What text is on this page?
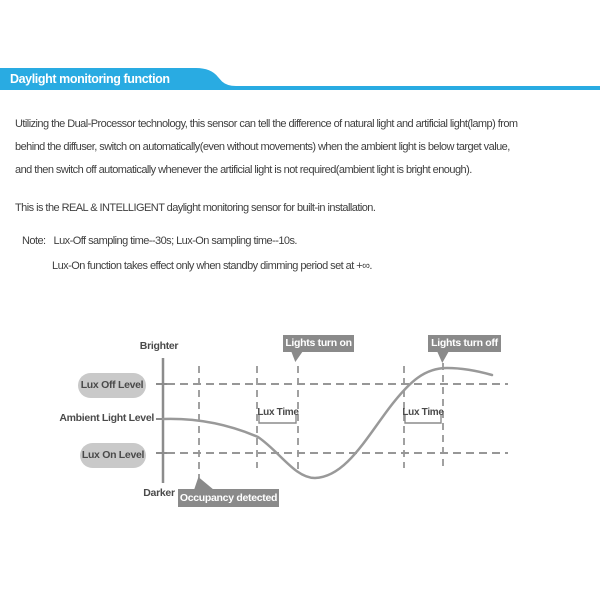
Daylight monitoring function
Utilizing the Dual-Processor technology, this sensor can tell the difference of natural light and artificial light(lamp) from
behind the diffuser, switch on automatically(even without movements) when the ambient light is below target value,
and then switch off automatically whenever the artificial light is not required(ambient light is bright enough).
This is the REAL & INTELLIGENT daylight monitoring sensor for built-in installation.
Note: Lux-Off sampling time--30s; Lux-On sampling time--10s.
Lux-On function takes effect only when standby dimming period set at +∞.
Brighter
Darker
Lux Off Level
Ambient Light Level
Lux On Level
Lights turn on	Lights turn off
Occupancy detected
Lux Time	Lux Time
